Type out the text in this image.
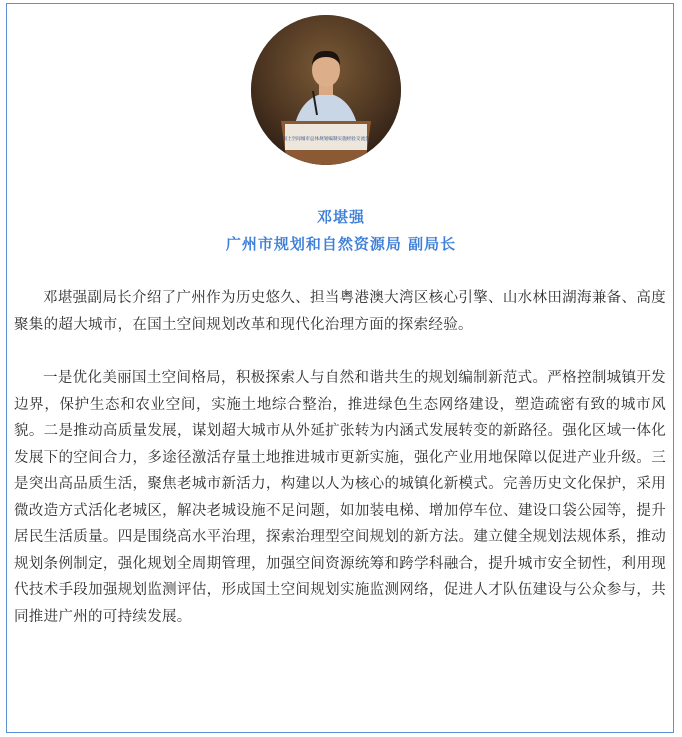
国土空间城市总体规划编制实施经验交流会
邓堪强
广州市规划和自然资源局 副局长

邓堪强副局长介绍了广州作为历史悠久、担当粤港澳大湾区核心引擎、山水林田湖海兼备、高度聚集的超大城市，在国土空间规划改革和现代化治理方面的探索经验。

一是优化美丽国土空间格局，积极探索人与自然和谐共生的规划编制新范式。严格控制城镇开发边界，保护生态和农业空间，实施土地综合整治，推进绿色生态网络建设，塑造疏密有致的城市风貌。二是推动高质量发展，谋划超大城市从外延扩张转为内涵式发展转变的新路径。强化区域一体化发展下的空间合力，多途径激活存量土地推进城市更新实施，强化产业用地保障以促进产业升级。三是突出高品质生活，聚焦老城市新活力，构建以人为核心的城镇化新模式。完善历史文化保护，采用微改造方式活化老城区，解决老城设施不足问题，如加装电梯、增加停车位、建设口袋公园等，提升居民生活质量。四是围绕高水平治理，探索治理型空间规划的新方法。建立健全规划法规体系，推动规划条例制定，强化规划全周期管理，加强空间资源统筹和跨学科融合，提升城市安全韧性，利用现代技术手段加强规划监测评估，形成国土空间规划实施监测网络，促进人才队伍建设与公众参与，共同推进广州的可持续发展。
